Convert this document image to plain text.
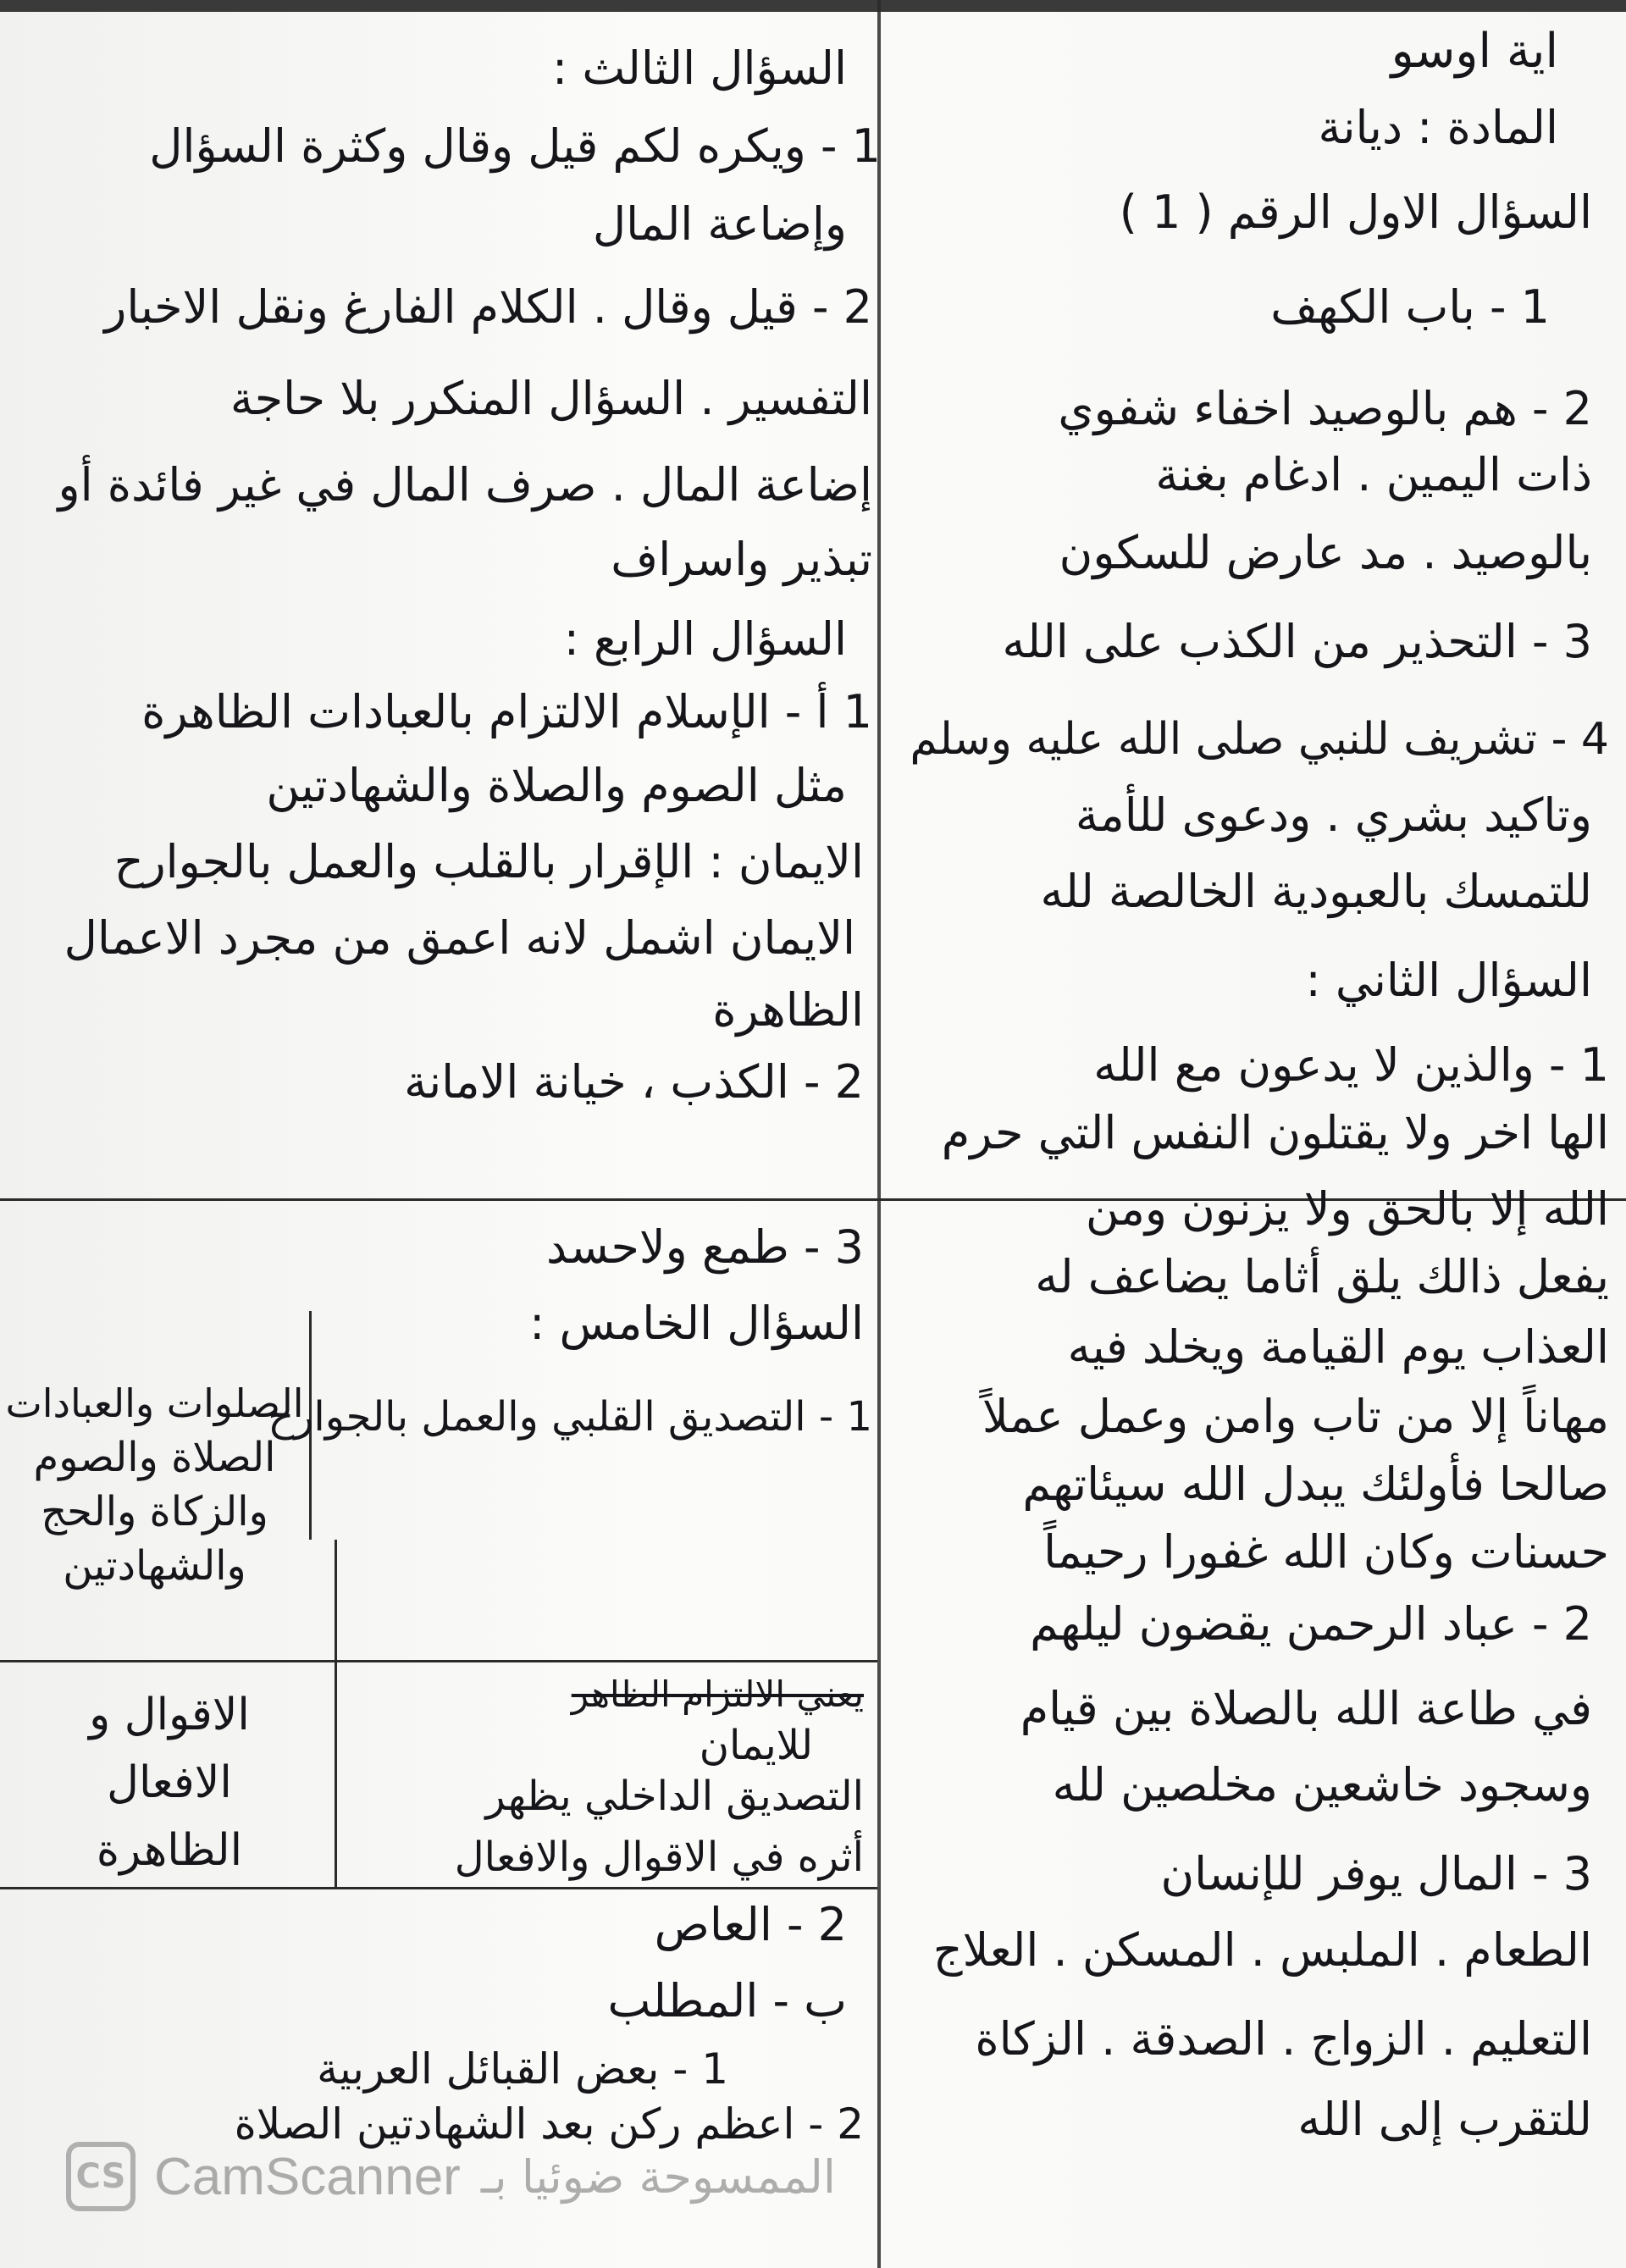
اية اوسو
المادة : ديانة
السؤال الاول الرقم ( 1 )
1 - باب الكهف
2 - هم بالوصيد اخفاء شفوي
ذات اليمين . ادغام بغنة
بالوصيد . مد عارض للسكون
3 - التحذير من الكذب على الله
4 - تشريف للنبي صلى الله عليه وسلم
وتاكيد بشري . ودعوى للأمة
للتمسك بالعبودية الخالصة لله
السؤال الثاني :
1 - والذين لا يدعون مع الله
الها اخر ولا يقتلون النفس التي حرم
الله إلا بالحق ولا يزنون ومن
يفعل ذالك يلق أثاما يضاعف له
العذاب يوم القيامة ويخلد فيه
مهاناً إلا من تاب وامن وعمل عملاً
صالحا فأولئك يبدل الله سيئاتهم
حسنات وكان الله غفورا رحيماً
2 - عباد الرحمن يقضون ليلهم
في طاعة الله بالصلاة بين قيام
وسجود خاشعين مخلصين لله
3 - المال يوفر للإنسان
الطعام . الملبس . المسكن . العلاج
التعليم . الزواج . الصدقة . الزكاة
للتقرب إلى الله
السؤال الثالث :
1 - ويكره لكم قيل وقال وكثرة السؤال
وإضاعة المال
2 - قيل وقال . الكلام الفارغ ونقل الاخبار
التفسير . السؤال المنكرر بلا حاجة
إضاعة المال . صرف المال في غير فائدة أو
تبذير واسراف
السؤال الرابع :
1 أ - الإسلام الالتزام بالعبادات الظاهرة
مثل الصوم والصلاة والشهادتين
الايمان : الإقرار بالقلب والعمل بالجوارح
الايمان اشمل لانه اعمق من مجرد الاعمال
الظاهرة
2 - الكذب ، خيانة الامانة
3 - طمع ولاحسد
السؤال الخامس :
1 - التصديق القلبي والعمل بالجوارح

الصلوات والعبادات

الصلاة والصوم

والزكاة والحج

والشهادتين

يعني الالتزام الظاهر
للايمان
التصديق الداخلي يظهر
أثره في الاقوال والافعال

الاقوال و

الافعال

الظاهرة

2 - العاص
ب - المطلب
1 - بعض القبائل العربية
2 - اعظم ركن بعد الشهادتين الصلاة
CS CamScanner الممسوحة ضوئيا بـ
